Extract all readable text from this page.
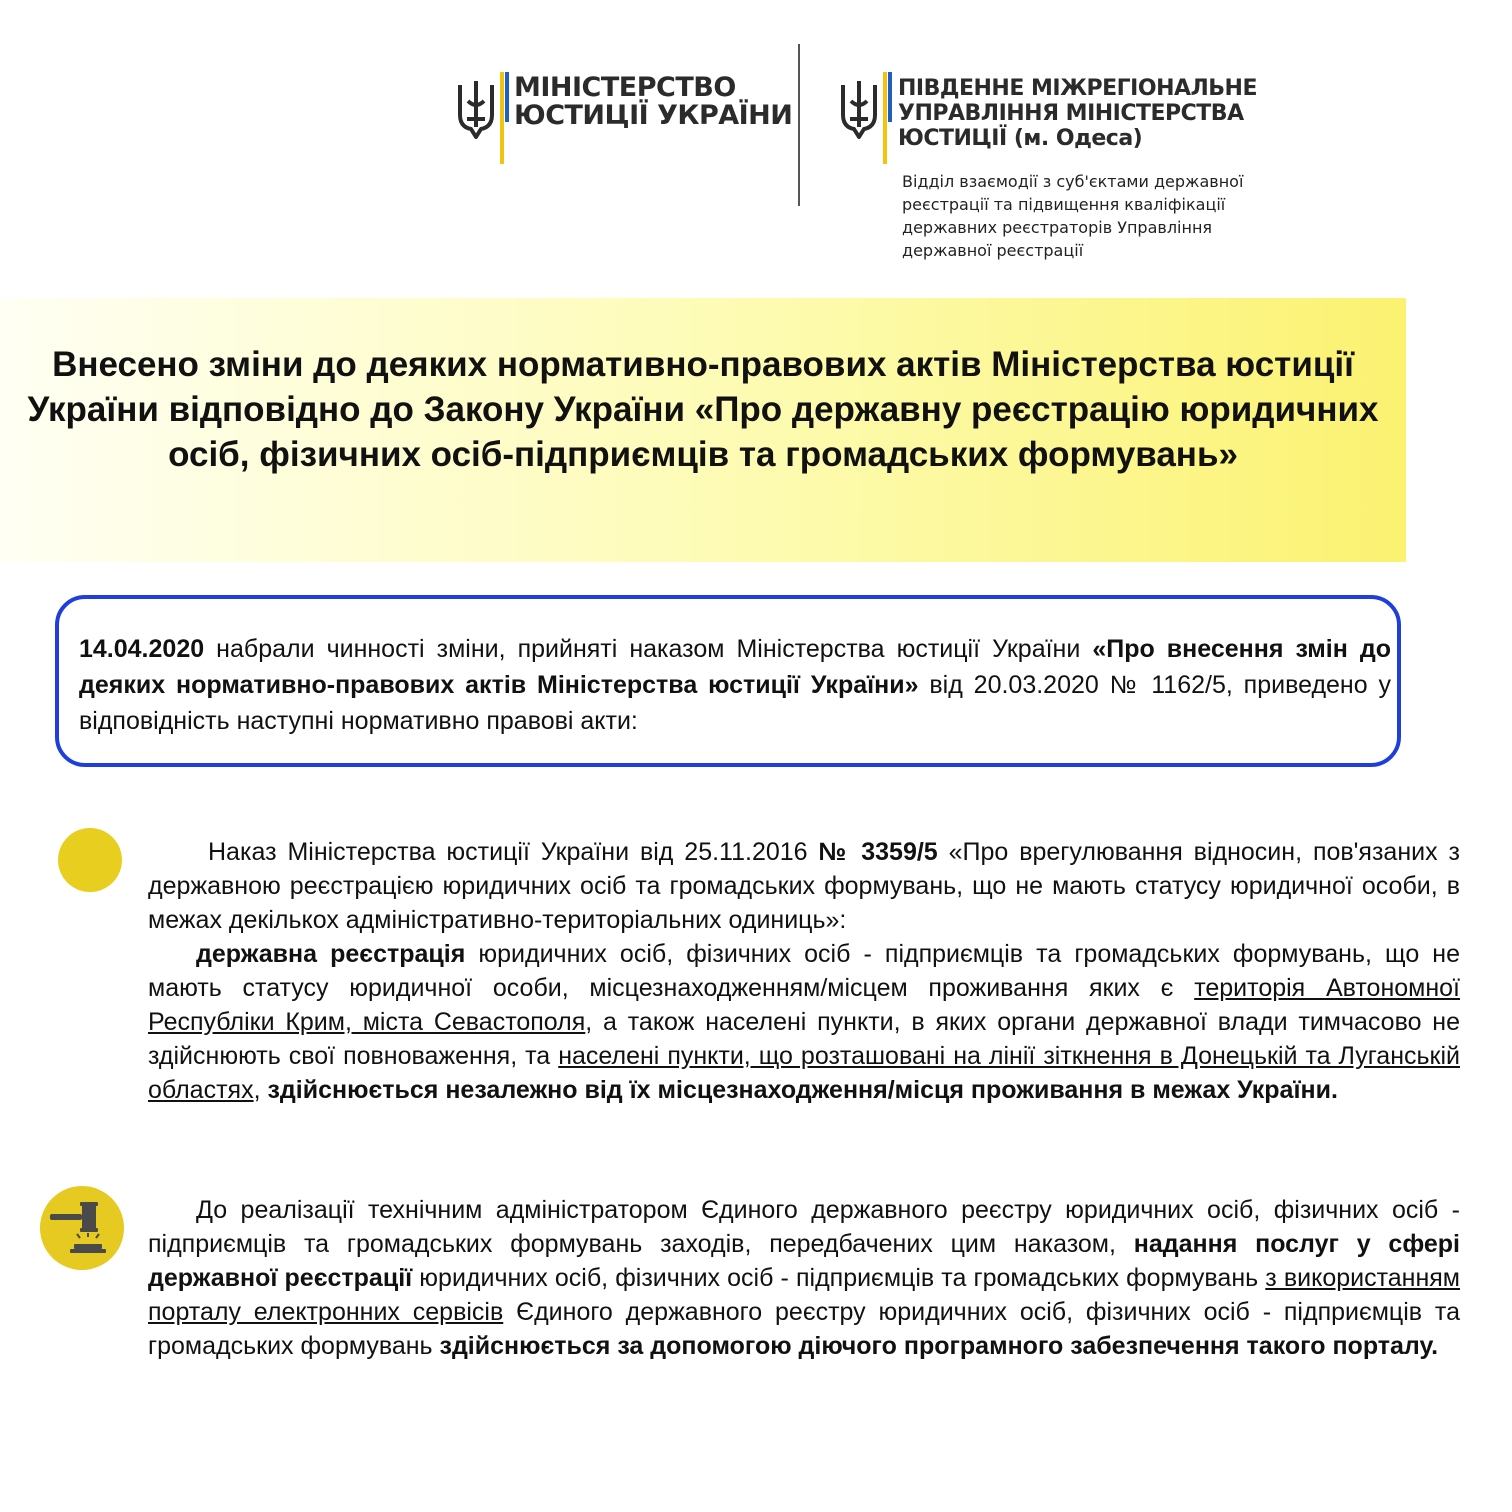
МІНІСТЕРСТВО
ЮСТИЦІЇ УКРАЇНИ
ПІВДЕННЕ МІЖРЕГІОНАЛЬНЕ
УПРАВЛІННЯ МІНІСТЕРСТВА
ЮСТИЦІЇ (м. Одеса)

Відділ взаємодії з суб'єктами державної реєстрації та підвищення кваліфікації державних реєстраторів Управління державної реєстрації

Внесено зміни до деяких нормативно-правових актів Міністерства юстиції України відповідно до Закону України «Про державну реєстрацію юридичних осіб, фізичних осіб-підприємців та громадських формувань»

14.04.2020 набрали чинності зміни, прийняті наказом Міністерства юстиції України «Про внесення змін до деяких нормативно-правових актів Міністерства юстиції України» від 20.03.2020 № 1162/5, приведено у відповідність наступні нормативно правові акти:

Наказ Міністерства юстиції України від 25.11.2016 № 3359/5 «Про врегулювання відносин, пов'язаних з державною реєстрацією юридичних осіб та громадських формувань, що не мають статусу юридичної особи, в межах декількох адміністративно-територіальних одиниць»:

державна реєстрація юридичних осіб, фізичних осіб - підприємців та громадських формувань, що не мають статусу юридичної особи, місцезнаходженням/місцем проживання яких є територія Автономної Республіки Крим, міста Севастополя, а також населені пункти, в яких органи державної влади тимчасово не здійснюють свої повноваження, та населені пункти, що розташовані на лінії зіткнення в Донецькій та Луганській областях, здійснюється незалежно від їх місцезнаходження/місця проживання в межах України.

До реалізації технічним адміністратором Єдиного державного реєстру юридичних осіб, фізичних осіб - підприємців та громадських формувань заходів, передбачених цим наказом, надання послуг у сфері державної реєстрації юридичних осіб, фізичних осіб - підприємців та громадських формувань з використанням порталу електронних сервісів Єдиного державного реєстру юридичних осіб, фізичних осіб - підприємців та громадських формувань здійснюється за допомогою діючого програмного забезпечення такого порталу.
